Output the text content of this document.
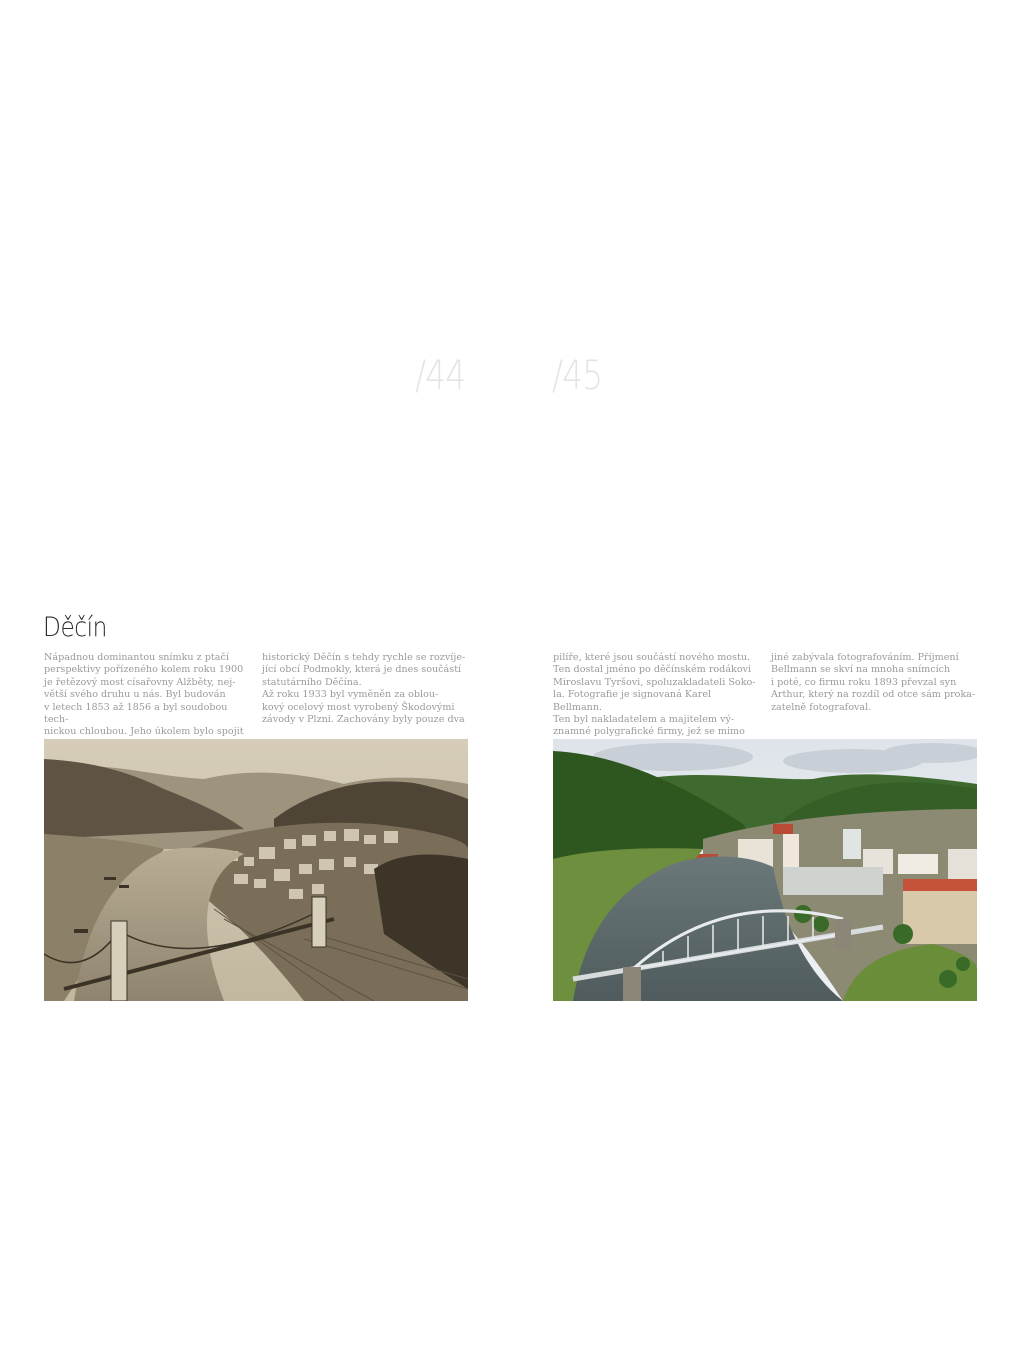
/44 /45
Děčín
Nápadnou dominantou snímku z ptačí
perspektivy pořízeného kolem roku 1900
je řetězový most císařovny Alžběty, nej-
větší svého druhu u nás. Byl budován
v letech 1853 až 1856 a byl soudobou tech-
nickou chloubou. Jeho úkolem bylo spojit
historický Děčín s tehdy rychle se rozvíje-
jící obcí Podmokly, která je dnes součástí
statutárního Děčína.
Až roku 1933 byl vyměněn za oblou-
kový ocelový most vyrobený Škodovými
závody v Plzni. Zachovány byly pouze dva
pilíře, které jsou součástí nového mostu.
Ten dostal jméno po děčínském rodákovi
Miroslavu Tyršovi, spoluzakladateli Soko-
la. Fotografie je signovaná Karel Bellmann.
Ten byl nakladatelem a majitelem vý-
znamné polygrafické firmy, jež se mimo
jiné zabývala fotografováním. Příjmení
Bellmann se skví na mnoha snímcích
i poté, co firmu roku 1893 převzal syn
Arthur, který na rozdíl od otce sám proka-
zatelně fotografoval.
